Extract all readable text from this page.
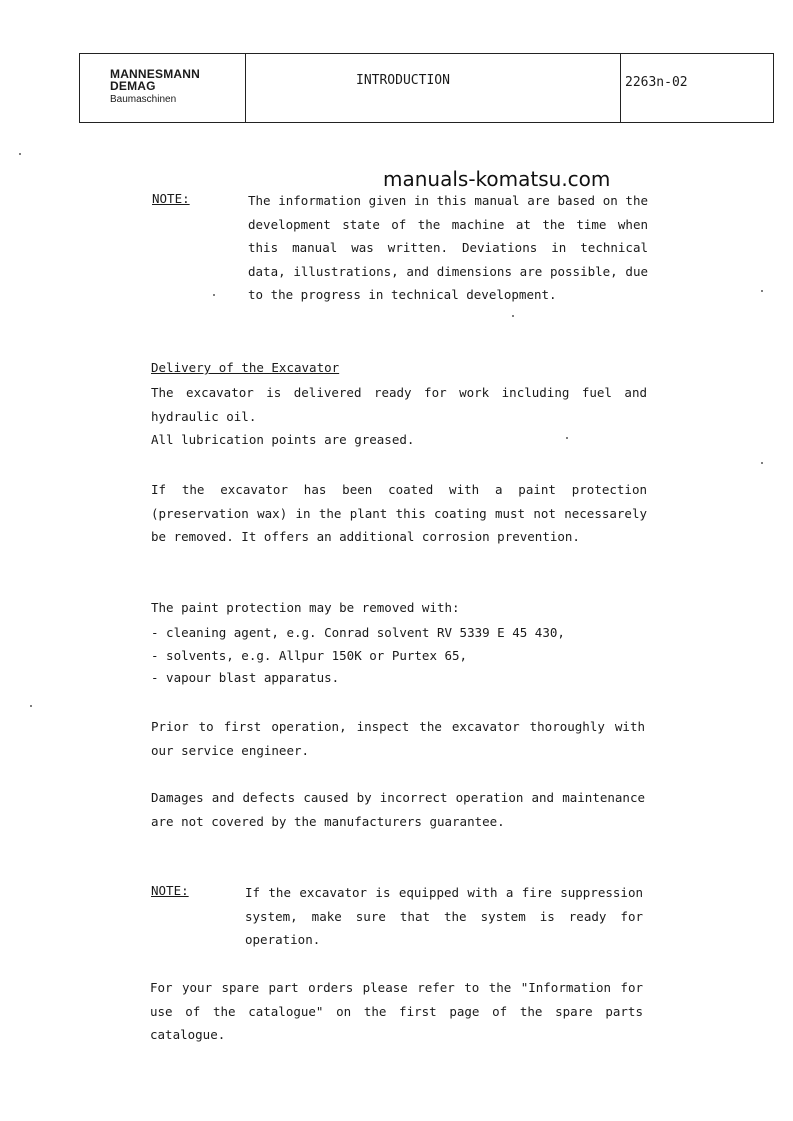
MANNESMANN
DEMAG
Baumaschinen
INTRODUCTION	2263n-02
manuals-komatsu.com
NOTE:	The information given in this manual are based on the development state of the machine at the time when this manual was written. Deviations in technical data, illustrations, and dimensions are possible, due to the progress in technical development.
Delivery of the Excavator
The excavator is delivered ready for work including fuel and hydraulic oil.
All lubrication points are greased.
If the excavator has been coated with a paint protection (preservation wax) in the plant this coating must not necessarely be removed. It offers an additional corrosion prevention.
The paint protection may be removed with:
- cleaning agent, e.g. Conrad solvent RV 5339 E 45 430,
- solvents, e.g. Allpur 150K or Purtex 65,
- vapour blast apparatus.
Prior to first operation, inspect the excavator thoroughly with our service engineer.
Damages and defects caused by incorrect operation and maintenance are not covered by the manufacturers guarantee.
NOTE:	If the excavator is equipped with a fire suppression system, make sure that the system is ready for operation.
For your spare part orders please refer to the "Information for use of the catalogue" on the first page of the spare parts catalogue.
